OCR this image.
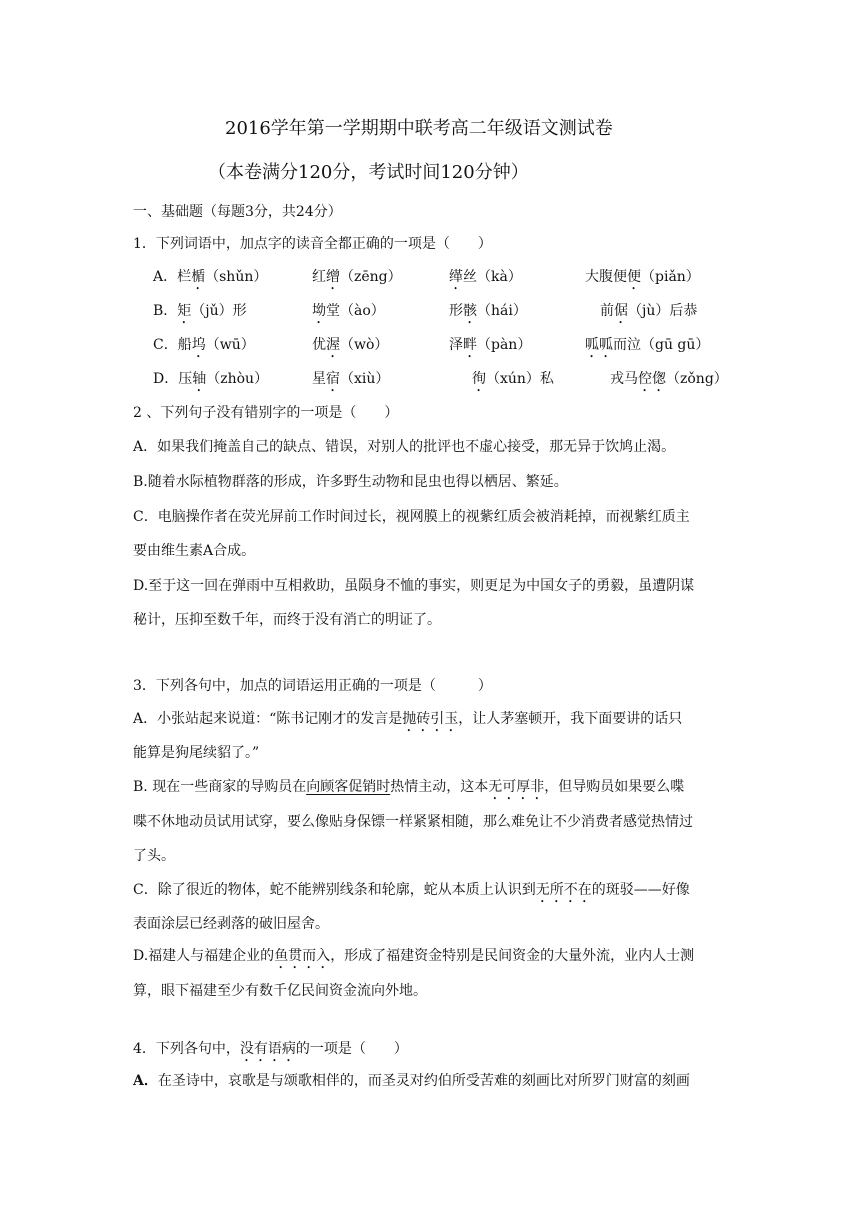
2016学年第一学期期中联考高二年级语文测试卷
（本卷满分120分，考试时间120分钟）
一、基础题（每题3分，共24分）
1．下列词语中，加点字的读音全都正确的一项是（　　）
A．栏楯（shǔn）	红缯（zēng）	缂丝（kà）	大腹便便（piǎn）
B．矩（jǔ）形	坳堂（ào）	形骸（hái）	前倨（jù）后恭
C．船坞（wū）	优渥（wò）	泽畔（pàn）	呱呱而泣（gū gū）
D．压轴（zhòu）	星宿（xiù）	徇（xún）私	戎马倥偬（zǒng）
2 、下列句子没有错别字的一项是（　　）
A．如果我们掩盖自己的缺点、错误，对别人的批评也不虚心接受，那无异于饮鸠止渴。
B.随着水际植物群落的形成，许多野生动物和昆虫也得以栖居、繁延。
C．电脑操作者在荧光屏前工作时间过长，视网膜上的视紫红质会被消耗掉，而视紫红质主
要由维生素A合成。
D.至于这一回在弹雨中互相救助，虽陨身不恤的事实，则更足为中国女子的勇毅，虽遭阴谋
秘计，压抑至数千年，而终于没有消亡的明证了。
3．下列各句中，加点的词语运用正确的一项是（　　　）
A．小张站起来说道：“陈书记刚才的发言是抛砖引玉，让人茅塞顿开，我下面要讲的话只
能算是狗尾续貂了。”
B. 现在一些商家的导购员在向顾客促销时热情主动，这本无可厚非，但导购员如果要么喋
喋不休地动员试用试穿，要么像贴身保镖一样紧紧相随，那么难免让不少消费者感觉热情过
了头。
C．除了很近的物体，蛇不能辨别线条和轮廓，蛇从本质上认识到无所不在的斑驳——好像
表面涂层已经剥落的破旧屋舍。
D.福建人与福建企业的鱼贯而入，形成了福建资金特别是民间资金的大量外流，业内人士测
算，眼下福建至少有数千亿民间资金流向外地。
4．下列各句中，没有语病的一项是（　　）
A．在圣诗中，哀歌是与颂歌相伴的，而圣灵对约伯所受苦难的刻画比对所罗门财富的刻画
